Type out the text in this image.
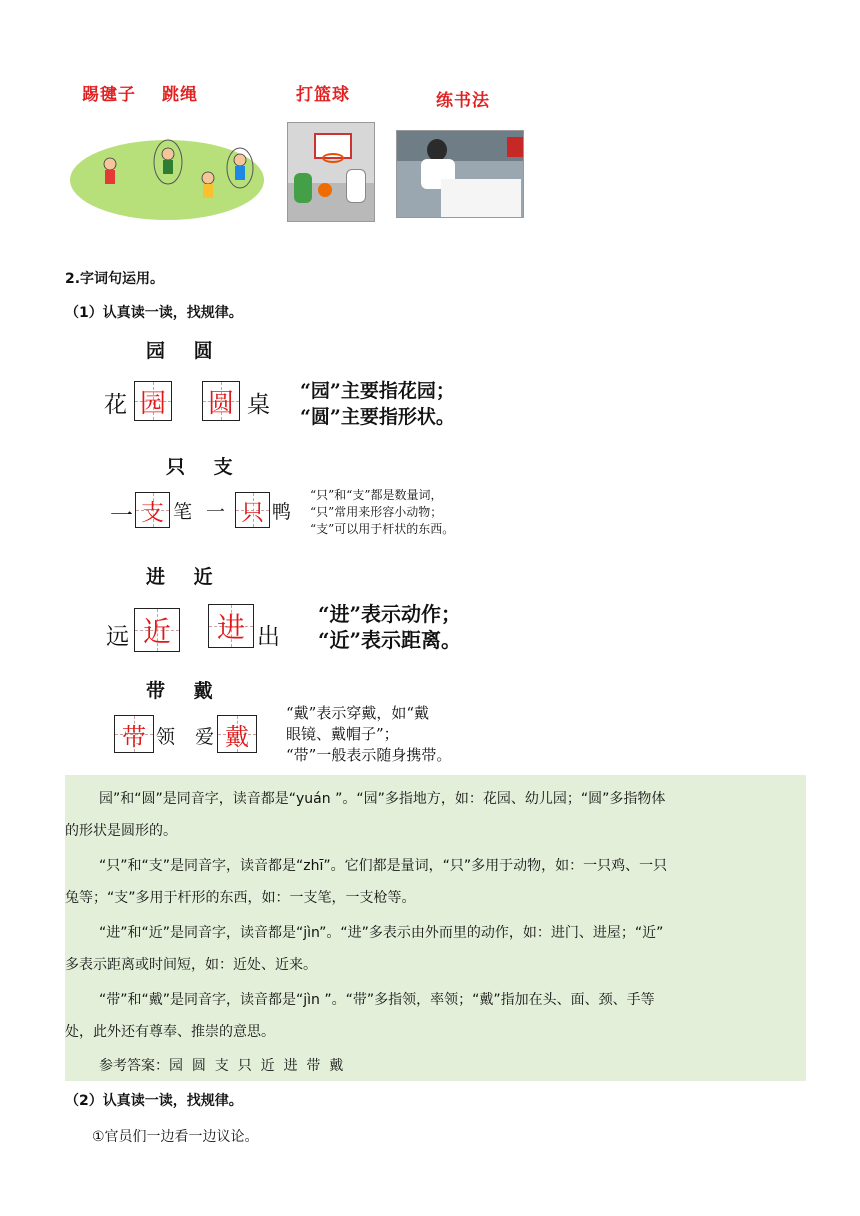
踢毽子 跳绳	打篮球	练书法
2.字词句运用。
（1）认真读一读，找规律。
园 圆
花 园 圆 桌
“园”主要指花园；
“圆”主要指形状。
只 支
一 支 笔 一 只 鸭
“只”和“支”都是数量词，
“只”常用来形容小动物；
“支”可以用于杆状的东西。
进 近
远 近 进 出
“进”表示动作；
“近”表示距离。
带 戴
带 领 爱 戴
“戴”表示穿戴，如“戴
眼镜、戴帽子”；
“带”一般表示随身携带。
园”和“圆”是同音字，读音都是“yuán ”。“园”多指地方，如：花园、幼儿园；“圆”多指物体
的形状是圆形的。
“只”和“支”是同音字，读音都是“zhī”。它们都是量词，“只”多用于动物，如：一只鸡、一只
兔等；“支”多用于杆形的东西，如：一支笔，一支枪等。
“进”和“近”是同音字，读音都是“jìn”。“进”多表示由外而里的动作，如：进门、进屋；“近”
多表示距离或时间短，如：近处、近来。
“带”和“戴”是同音字，读音都是“jìn ”。“带”多指领，率领；“戴”指加在头、面、颈、手等
处，此外还有尊奉、推崇的意思。
参考答案：园  圆  支  只  近  进  带  戴
（2）认真读一读，找规律。
①官员们一边看一边议论。
